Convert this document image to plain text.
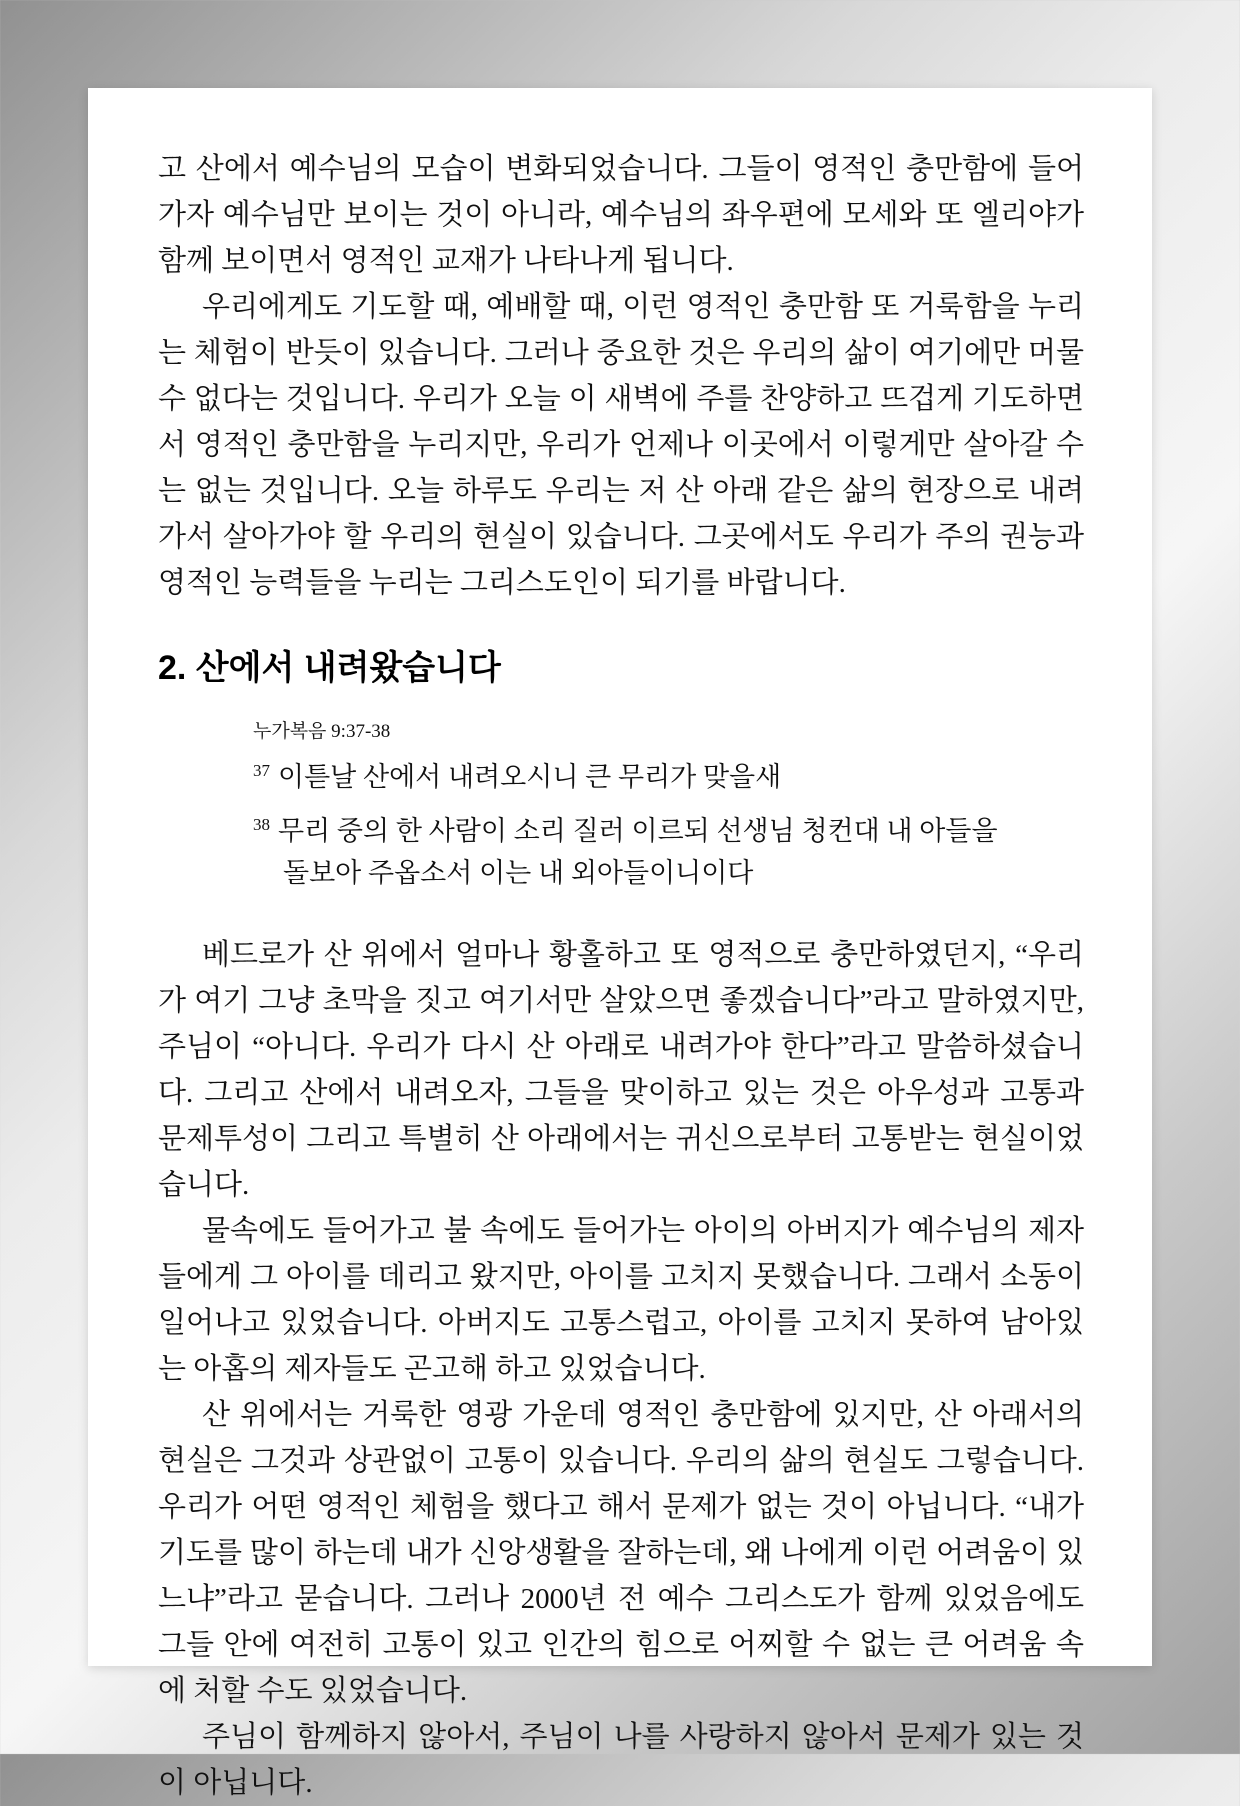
고 산에서 예수님의 모습이 변화되었습니다. 그들이 영적인 충만함에 들어가자 예수님만 보이는 것이 아니라, 예수님의 좌우편에 모세와 또 엘리야가 함께 보이면서 영적인 교재가 나타나게 됩니다.

우리에게도 기도할 때, 예배할 때, 이런 영적인 충만함 또 거룩함을 누리는 체험이 반듯이 있습니다. 그러나 중요한 것은 우리의 삶이 여기에만 머물 수 없다는 것입니다. 우리가 오늘 이 새벽에 주를 찬양하고 뜨겁게 기도하면서 영적인 충만함을 누리지만, 우리가 언제나 이곳에서 이렇게만 살아갈 수는 없는 것입니다. 오늘 하루도 우리는 저 산 아래 같은 삶의 현장으로 내려가서 살아가야 할 우리의 현실이 있습니다. 그곳에서도 우리가 주의 권능과 영적인 능력들을 누리는 그리스도인이 되기를 바랍니다.

2. 산에서 내려왔습니다
누가복음 9:37-38
$^{37}$ 이튿날 산에서 내려오시니 큰 무리가 맞을새
$^{38}$ 무리 중의 한 사람이 소리 질러 이르되 선생님 청컨대 내 아들을 돌보아 주옵소서 이는 내 외아들이니이다

베드로가 산 위에서 얼마나 황홀하고 또 영적으로 충만하였던지, “우리가 여기 그냥 초막을 짓고 여기서만 살았으면 좋겠습니다”라고 말하였지만, 주님이 “아니다. 우리가 다시 산 아래로 내려가야 한다”라고 말씀하셨습니다. 그리고 산에서 내려오자, 그들을 맞이하고 있는 것은 아우성과 고통과 문제투성이 그리고 특별히 산 아래에서는 귀신으로부터 고통받는 현실이었습니다.

물속에도 들어가고 불 속에도 들어가는 아이의 아버지가 예수님의 제자들에게 그 아이를 데리고 왔지만, 아이를 고치지 못했습니다. 그래서 소동이 일어나고 있었습니다. 아버지도 고통스럽고, 아이를 고치지 못하여 남아있는 아홉의 제자들도 곤고해 하고 있었습니다.

산 위에서는 거룩한 영광 가운데 영적인 충만함에 있지만, 산 아래서의 현실은 그것과 상관없이 고통이 있습니다. 우리의 삶의 현실도 그렇습니다. 우리가 어떤 영적인 체험을 했다고 해서 문제가 없는 것이 아닙니다. “내가 기도를 많이 하는데 내가 신앙생활을 잘하는데, 왜 나에게 이런 어려움이 있느냐”라고 묻습니다. 그러나 2000년 전 예수 그리스도가 함께 있었음에도 그들 안에 여전히 고통이 있고 인간의 힘으로 어찌할 수 없는 큰 어려움 속에 처할 수도 있었습니다.

주님이 함께하지 않아서, 주님이 나를 사랑하지 않아서 문제가 있는 것이 아닙니다.
